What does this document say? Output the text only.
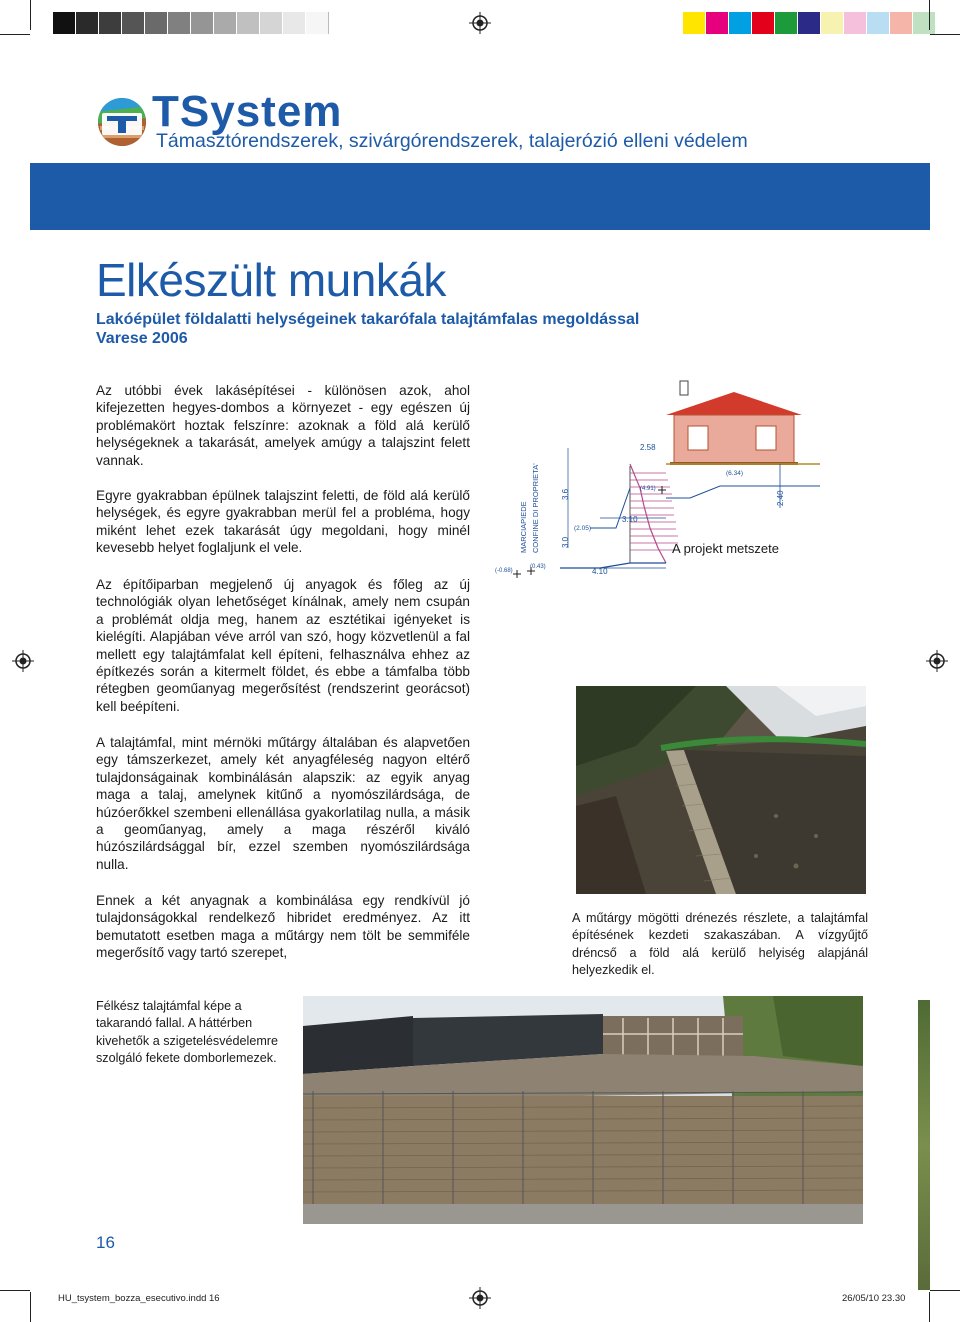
TSystem
Támasztórendszerek, szivárgórendszerek, talajerózió elleni védelem
Elkészült munkák
Lakóépület földalatti helységeinek takarófala talajtámfalas megoldással
Varese 2006
Az utóbbi évek lakásépítései - különösen azok, ahol kifejezetten hegyes-dombos a környezet - egy egészen új problémakört hoztak felszínre: azoknak a föld alá kerülő helységeknek a takarását, amelyek amúgy a talajszint felett vannak.
Egyre gyakrabban épülnek talajszint feletti, de föld alá kerülő helységek, és egyre gyakrabban merül fel a probléma, hogy miként lehet ezek takarását úgy megoldani, hogy minél kevesebb helyet foglaljunk el vele.
Az építőiparban megjelenő új anyagok és főleg az új technológiák olyan lehetőséget kínálnak, amely nem csupán a problémát oldja meg, hanem az esztétikai igényeket is kielégíti. Alapjában véve arról van szó, hogy közvetlenül a fal mellett egy talajtámfalat kell építeni, felhasználva ehhez az építkezés során a kitermelt földet, és ebbe a támfalba több rétegben geoműanyag megerősítést (rendszerint georácsot) kell beépíteni.
A talajtámfal, mint mérnöki műtárgy általában és alapvetően egy támszerkezet, amely két anyagféleség nagyon eltérő tulajdonságainak kombinálásán alapszik: az egyik anyag maga a talaj, amelynek kitűnő a nyomószilárdsága, de húzóerőkkel szembeni ellenállása gyakorlatilag nulla, a másik a geoműanyag, amely a maga részéről kiváló húzószilárdsággal bír, ezzel szemben nyomószilárdsága nulla.
Ennek a két anyagnak a kombinálása egy rendkívül jó tulajdonságokkal rendelkező hibridet eredményez. Az itt bemutatott esetben maga a műtárgy nem tölt be semmiféle megerősítő vagy tartó szerepet,
2.58
(6.34)
(4.91)
3.10
(2.05)
4.10
(-0.68)
(0.43)
3.0
3.6	2.40
MARCIAPIEDE CONFINE DI PROPRIETA'	A projekt metszete
A műtárgy mögötti drénezés részlete, a talajtámfal építésének kezdeti szakaszában. A vízgyűjtő dréncső a föld alá kerülő helyiség alapjánál helyezkedik el.
Félkész talajtámfal képe a takarandó fallal. A háttérben kivehetők a szigetelésvédelemre szolgáló fekete domborlemezek.
16
HU_tsystem_bozza_esecutivo.indd 16	26/05/10 23.30
